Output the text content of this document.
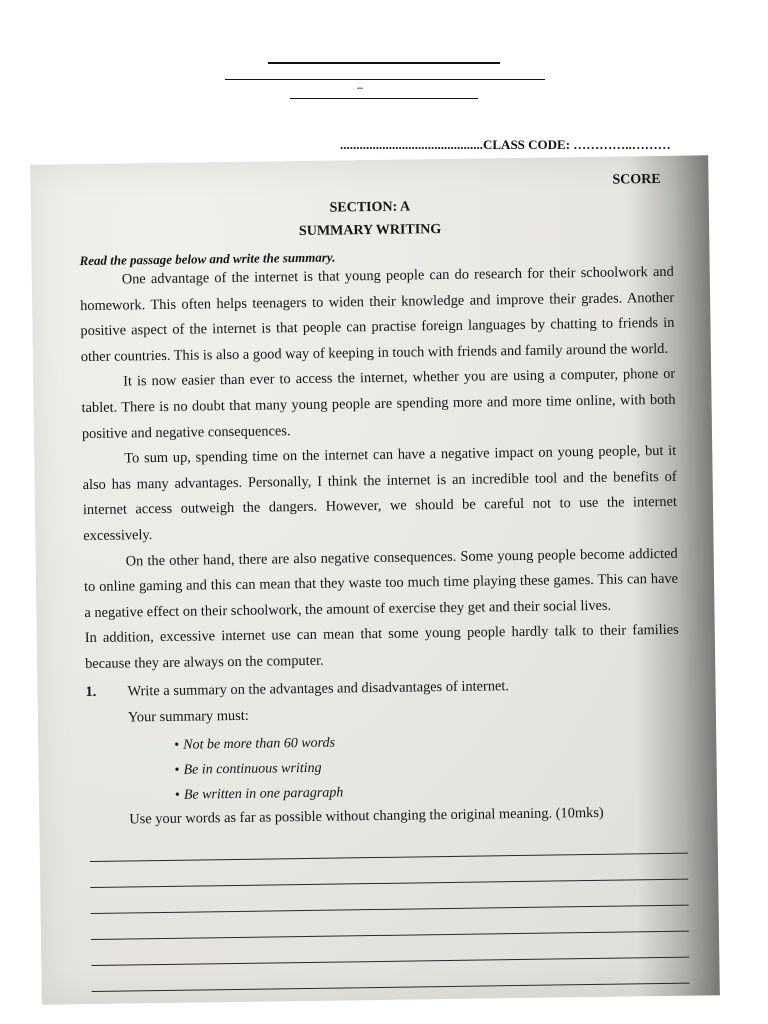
–
............................................CLASS CODE: …………..………
SCORE
SECTION: A
SUMMARY WRITING
Read the passage below and write the summary.

One advantage of the internet is that young people can do research for their schoolwork and homework. This often helps teenagers to widen their knowledge and improve their grades. Another positive aspect of the internet is that people can practise foreign languages by chatting to friends in other countries. This is also a good way of keeping in touch with friends and family around the world.

It is now easier than ever to access the internet, whether you are using a computer, phone or tablet. There is no doubt that many young people are spending more and more time online, with both positive and negative consequences.

To sum up, spending time on the internet can have a negative impact on young people, but it also has many advantages. Personally, I think the internet is an incredible tool and the benefits of internet access outweigh the dangers. However, we should be careful not to use the internet excessively.

On the other hand, there are also negative consequences. Some young people become addicted to online gaming and this can mean that they waste too much time playing these games. This can have a negative effect on their schoolwork, the amount of exercise they get and their social lives.

In addition, excessive internet use can mean that some young people hardly talk to their families because they are always on the computer.

1. Write a summary on the advantages and disadvantages of internet.
Your summary must:
• Not be more than 60 words
• Be in continuous writing
• Be written in one paragraph
Use your words as far as possible without changing the original meaning. (10mks)
